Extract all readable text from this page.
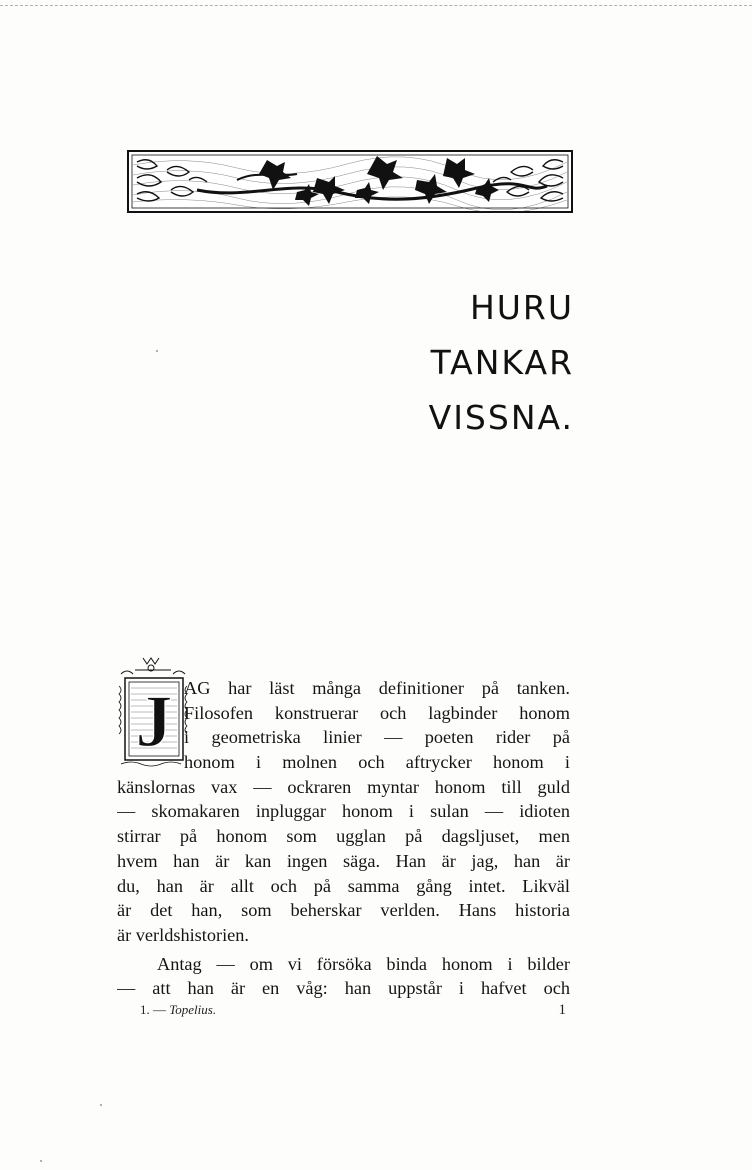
HURU
TANKAR
VISSNA.
J AG har läst många definitioner på tanken.
Filosofen konstruerar och lagbinder honom
i geometriska linier — poeten rider på
honom i molnen och aftrycker honom i
känslornas vax — ockraren myntar honom till guld
— skomakaren inpluggar honom i sulan — idioten
stirrar på honom som ugglan på dagsljuset, men
hvem han är kan ingen säga. Han är jag, han är
du, han är allt och på samma gång intet. Likväl
är det han, som beherskar verlden. Hans historia
är verldshistorien.
Antag — om vi försöka binda honom i bilder
— att han är en våg: han uppstår i hafvet och
1. — Topelius.	1
